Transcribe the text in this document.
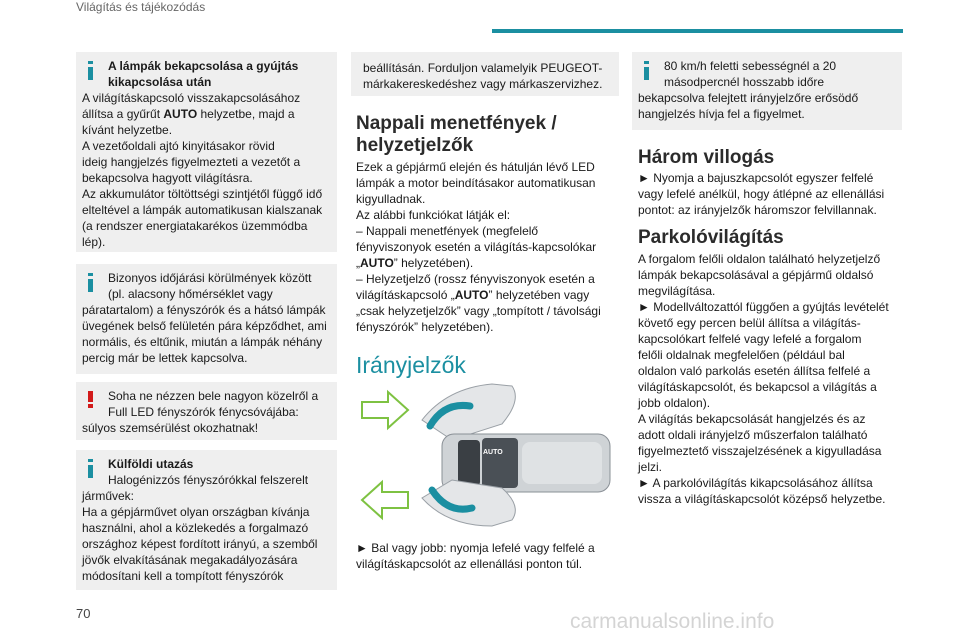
Világítás és tájékozódás
A lámpák bekapcsolása a gyújtás
kikapcsolása után
A világításkapcsoló visszakapcsolásához
állítsa a gyűrűt AUTO helyzetbe, majd a
kívánt helyzetbe.
A vezetőoldali ajtó kinyitásakor rövid
ideig hangjelzés figyelmezteti a vezetőt a
bekapcsolva hagyott világításra.
Az akkumulátor töltöttségi szintjétől függő idő
elteltével a lámpák automatikusan kialszanak
(a rendszer energiatakarékos üzemmódba
lép).
Bizonyos időjárási körülmények között
(pl. alacsony hőmérséklet vagy
páratartalom) a fényszórók és a hátsó lámpák
üvegének belső felületén pára képződhet, ami
normális, és eltűnik, miután a lámpák néhány
percig már be lettek kapcsolva.
Soha ne nézzen bele nagyon közelről a
Full LED fényszórók fénycsóvájába:
súlyos szemsérülést okozhatnak!
Külföldi utazás
Halogénizzós fényszórókkal felszerelt
járművek:
Ha a gépjárművet olyan országban kívánja
használni, ahol a közlekedés a forgalmazó
országhoz képest fordított irányú, a szemből
jövők elvakításának megakadályozására
módosítani kell a tompított fényszórók
beállításán. Forduljon valamelyik PEUGEOT-
márkakereskedéshez vagy márkaszervizhez.
Nappali menetfények /
helyzetjelzők
Ezek a gépjármű elején és hátulján lévő LED
lámpák a motor beindításakor automatikusan
kigyulladnak.
Az alábbi funkciókat látják el:
– Nappali menetfények (megfelelő
fényviszonyok esetén a világítás-kapcsolókar
„AUTO” helyzetében).
– Helyzetjelző (rossz fényviszonyok esetén a
világításkapcsoló „AUTO” helyzetében vagy
„csak helyzetjelzők” vagy „tompított / távolsági
fényszórók” helyzetében).
Irányjelzők
AUTO
► Bal vagy jobb: nyomja lefelé vagy felfelé a
világításkapcsolót az ellenállási ponton túl.
80 km/h feletti sebességnél a 20
másodpercnél hosszabb időre
bekapcsolva felejtett irányjelzőre erősödő
hangjelzés hívja fel a figyelmet.
Három villogás
► Nyomja a bajuszkapcsolót egyszer felfelé
vagy lefelé anélkül, hogy átlépné az ellenállási
pontot: az irányjelzők háromszor felvillannak.
Parkolóvilágítás
A forgalom felőli oldalon található helyzetjelző
lámpák bekapcsolásával a gépjármű oldalsó
megvilágítása.
► Modellváltozattól függően a gyújtás levételét
követő egy percen belül állítsa a világítás-
kapcsolókart felfelé vagy lefelé a forgalom
felőli oldalnak megfelelően (például bal
oldalon való parkolás esetén állítsa felfelé a
világításkapcsolót, és bekapcsol a világítás a
jobb oldalon).
A világítás bekapcsolását hangjelzés és az
adott oldali irányjelző műszerfalon található
figyelmeztető visszajelzésének a kigyulladása
jelzi.
► A parkolóvilágítás kikapcsolásához állítsa
vissza a világításkapcsolót középső helyzetbe.
70	carmanualsonline.info
